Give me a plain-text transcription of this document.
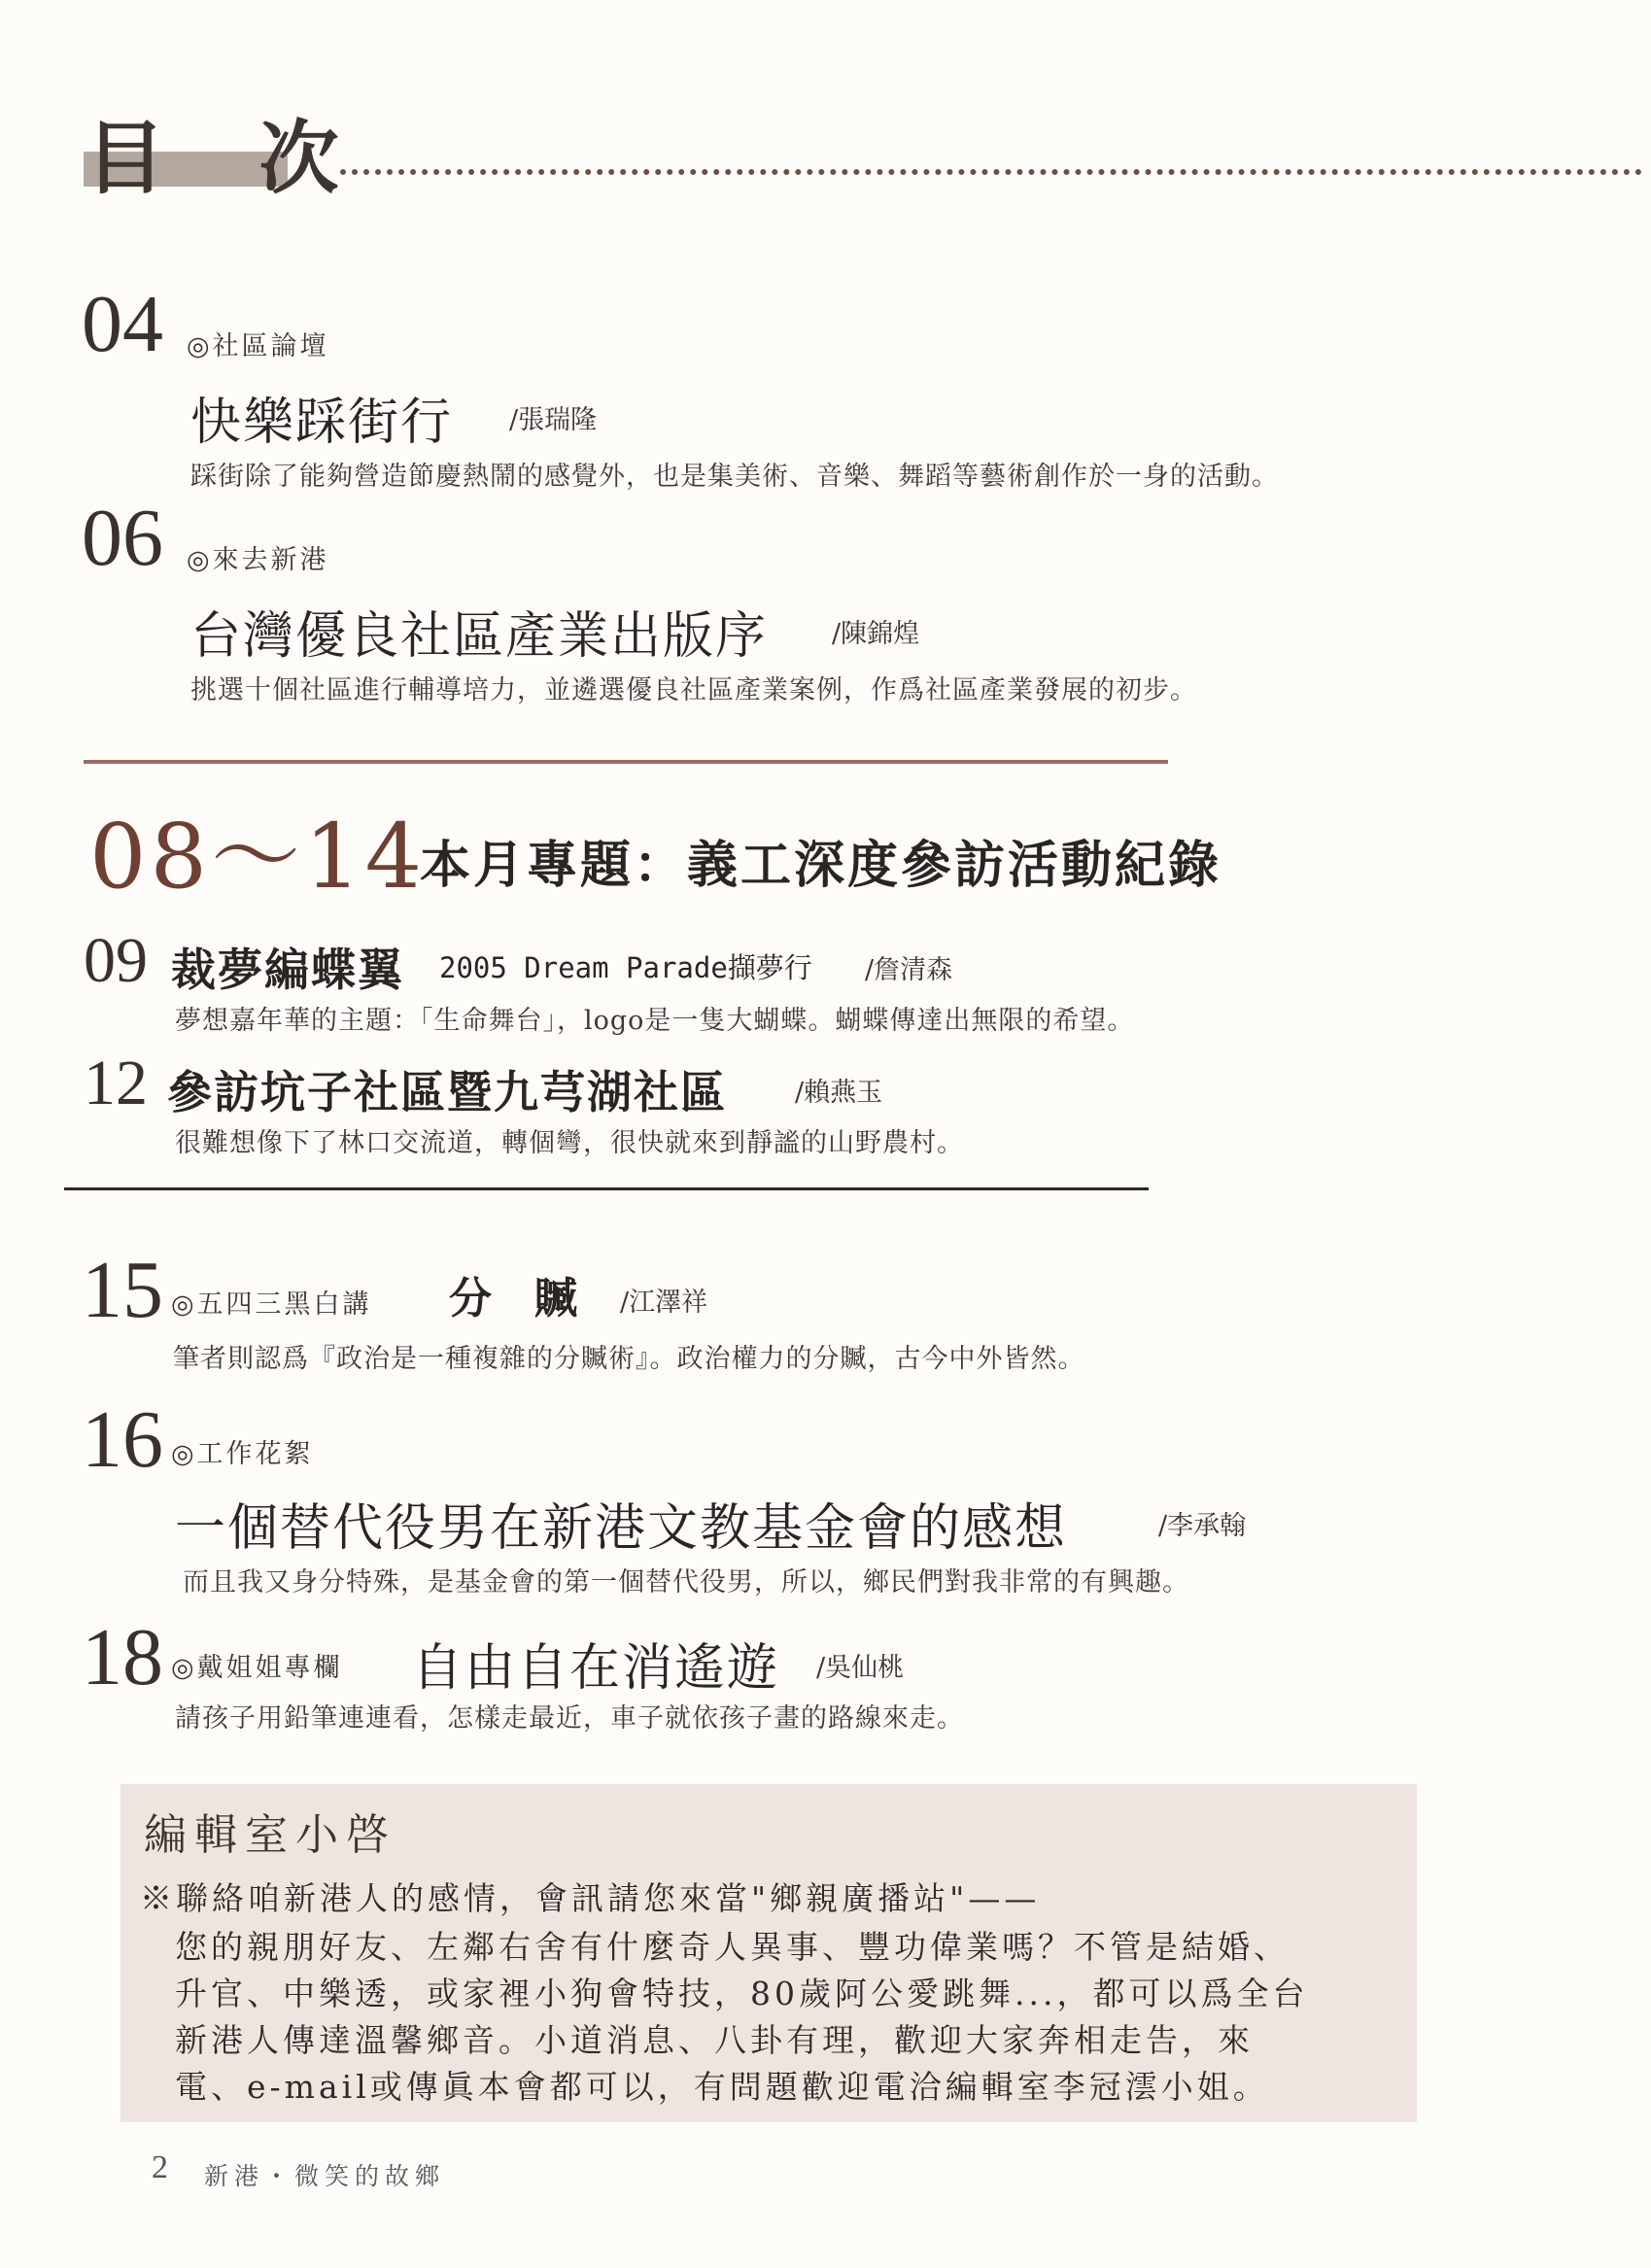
目 次
04 ◎社區論壇
快樂踩街行 /張瑞隆
踩街除了能夠營造節慶熱鬧的感覺外，也是集美術、音樂、舞蹈等藝術創作於一身的活動。
06 ◎來去新港
台灣優良社區產業出版序 /陳錦煌
挑選十個社區進行輔導培力，並遴選優良社區產業案例，作爲社區產業發展的初步。
08～14
本月專題：義工深度參訪活動紀錄
09 裁夢編蝶翼 2005 Dream Parade擷夢行 /詹清森
夢想嘉年華的主題：「生命舞台」，logo是一隻大蝴蝶。蝴蝶傳達出無限的希望。
12 參訪坑子社區暨九芎湖社區	/賴燕玉
很難想像下了林口交流道，轉個彎，很快就來到靜謐的山野農村。
15 ◎五四三黑白講 分　贓 /江澤祥
筆者則認爲『政治是一種複雜的分贓術』。政治權力的分贓，古今中外皆然。
16 ◎工作花絮
一個替代役男在新港文教基金會的感想	/李承翰
而且我又身分特殊，是基金會的第一個替代役男，所以，鄉民們對我非常的有興趣。
18 ◎戴姐姐專欄 自由自在消遙遊 /吳仙桃
請孩子用鉛筆連連看，怎樣走最近，車子就依孩子畫的路線來走。
編輯室小啓
※聯絡咱新港人的感情，會訊請您來當"鄉親廣播站"——
您的親朋好友、左鄰右舍有什麼奇人異事、豐功偉業嗎？不管是結婚、
升官、中樂透，或家裡小狗會特技，80歲阿公愛跳舞...，都可以爲全台
新港人傳達溫馨鄉音。小道消息、八卦有理，歡迎大家奔相走告，來
電、e-mail或傳眞本會都可以，有問題歡迎電洽編輯室李冠澐小姐。
2 新港・微笑的故鄉
